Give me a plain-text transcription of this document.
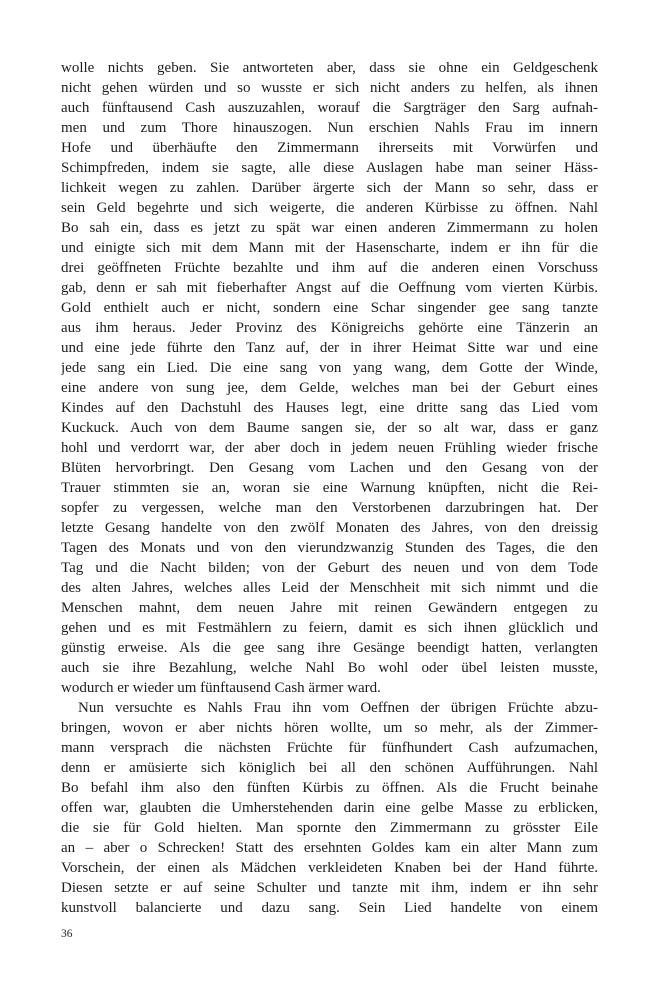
wolle nichts geben. Sie antworteten aber, dass sie ohne ein Geldgeschenk
nicht gehen würden und so wusste er sich nicht anders zu helfen, als ihnen
auch fünftausend Cash auszuzahlen, worauf die Sargträger den Sarg aufnah-
men und zum Thore hinauszogen. Nun erschien Nahls Frau im innern
Hofe und überhäufte den Zimmermann ihrerseits mit Vorwürfen und
Schimpfreden, indem sie sagte, alle diese Auslagen habe man seiner Häss-
lichkeit wegen zu zahlen. Darüber ärgerte sich der Mann so sehr, dass er
sein Geld begehrte und sich weigerte, die anderen Kürbisse zu öffnen. Nahl
Bo sah ein, dass es jetzt zu spät war einen anderen Zimmermann zu holen
und einigte sich mit dem Mann mit der Hasenscharte, indem er ihn für die
drei geöffneten Früchte bezahlte und ihm auf die anderen einen Vorschuss
gab, denn er sah mit fieberhafter Angst auf die Oeffnung vom vierten Kürbis.
Gold enthielt auch er nicht, sondern eine Schar singender gee sang tanzte
aus ihm heraus. Jeder Provinz des Königreichs gehörte eine Tänzerin an
und eine jede führte den Tanz auf, der in ihrer Heimat Sitte war und eine
jede sang ein Lied. Die eine sang von yang wang, dem Gotte der Winde,
eine andere von sung jee, dem Gelde, welches man bei der Geburt eines
Kindes auf den Dachstuhl des Hauses legt, eine dritte sang das Lied vom
Kuckuck. Auch von dem Baume sangen sie, der so alt war, dass er ganz
hohl und verdorrt war, der aber doch in jedem neuen Frühling wieder frische
Blüten hervorbringt. Den Gesang vom Lachen und den Gesang von der
Trauer stimmten sie an, woran sie eine Warnung knüpften, nicht die Rei-
sopfer zu vergessen, welche man den Verstorbenen darzubringen hat. Der
letzte Gesang handelte von den zwölf Monaten des Jahres, von den dreissig
Tagen des Monats und von den vierundzwanzig Stunden des Tages, die den
Tag und die Nacht bilden; von der Geburt des neuen und von dem Tode
des alten Jahres, welches alles Leid der Menschheit mit sich nimmt und die
Menschen mahnt, dem neuen Jahre mit reinen Gewändern entgegen zu
gehen und es mit Festmählern zu feiern, damit es sich ihnen glücklich und
günstig erweise. Als die gee sang ihre Gesänge beendigt hatten, verlangten
auch sie ihre Bezahlung, welche Nahl Bo wohl oder übel leisten musste,
wodurch er wieder um fünftausend Cash ärmer ward.
Nun versuchte es Nahls Frau ihn vom Oeffnen der übrigen Früchte abzu-
bringen, wovon er aber nichts hören wollte, um so mehr, als der Zimmer-
mann versprach die nächsten Früchte für fünfhundert Cash aufzumachen,
denn er amüsierte sich königlich bei all den schönen Aufführungen. Nahl
Bo befahl ihm also den fünften Kürbis zu öffnen. Als die Frucht beinahe
offen war, glaubten die Umherstehenden darin eine gelbe Masse zu erblicken,
die sie für Gold hielten. Man spornte den Zimmermann zu grösster Eile
an – aber o Schrecken! Statt des ersehnten Goldes kam ein alter Mann zum
Vorschein, der einen als Mädchen verkleideten Knaben bei der Hand führte.
Diesen setzte er auf seine Schulter und tanzte mit ihm, indem er ihn sehr
kunstvoll balancierte und dazu sang. Sein Lied handelte von einem
36
